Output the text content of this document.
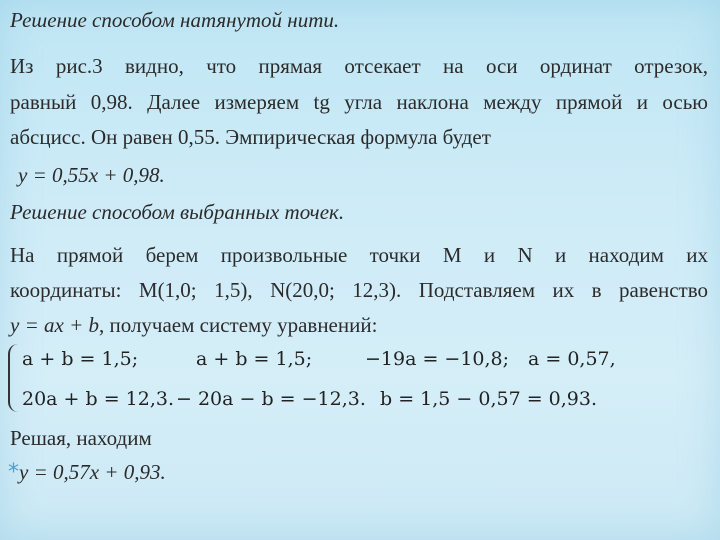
Решение способом натянутой нити.
Из рис.3 видно, что прямая отсекает на оси ординат отрезок,
равный 0,98. Далее измеряем tg угла наклона между прямой и осью
абсцисс. Он равен 0,55. Эмпирическая формула будет
y = 0,55x + 0,98.
Решение способом выбранных точек.
На прямой берем произвольные точки M и N и находим их
координаты: M(1,0; 1,5), N(20,0; 12,3). Подставляем их в равенство
y = ax + b, получаем систему уравнений:
a + b = 1,5;	a + b = 1,5;	−19a = −10,8; a = 0,57,
20a + b = 12,3. − 20a − b = −12,3. b = 1,5 − 0,57 = 0,93.
Решая, находим
*y = 0,57x + 0,93.
